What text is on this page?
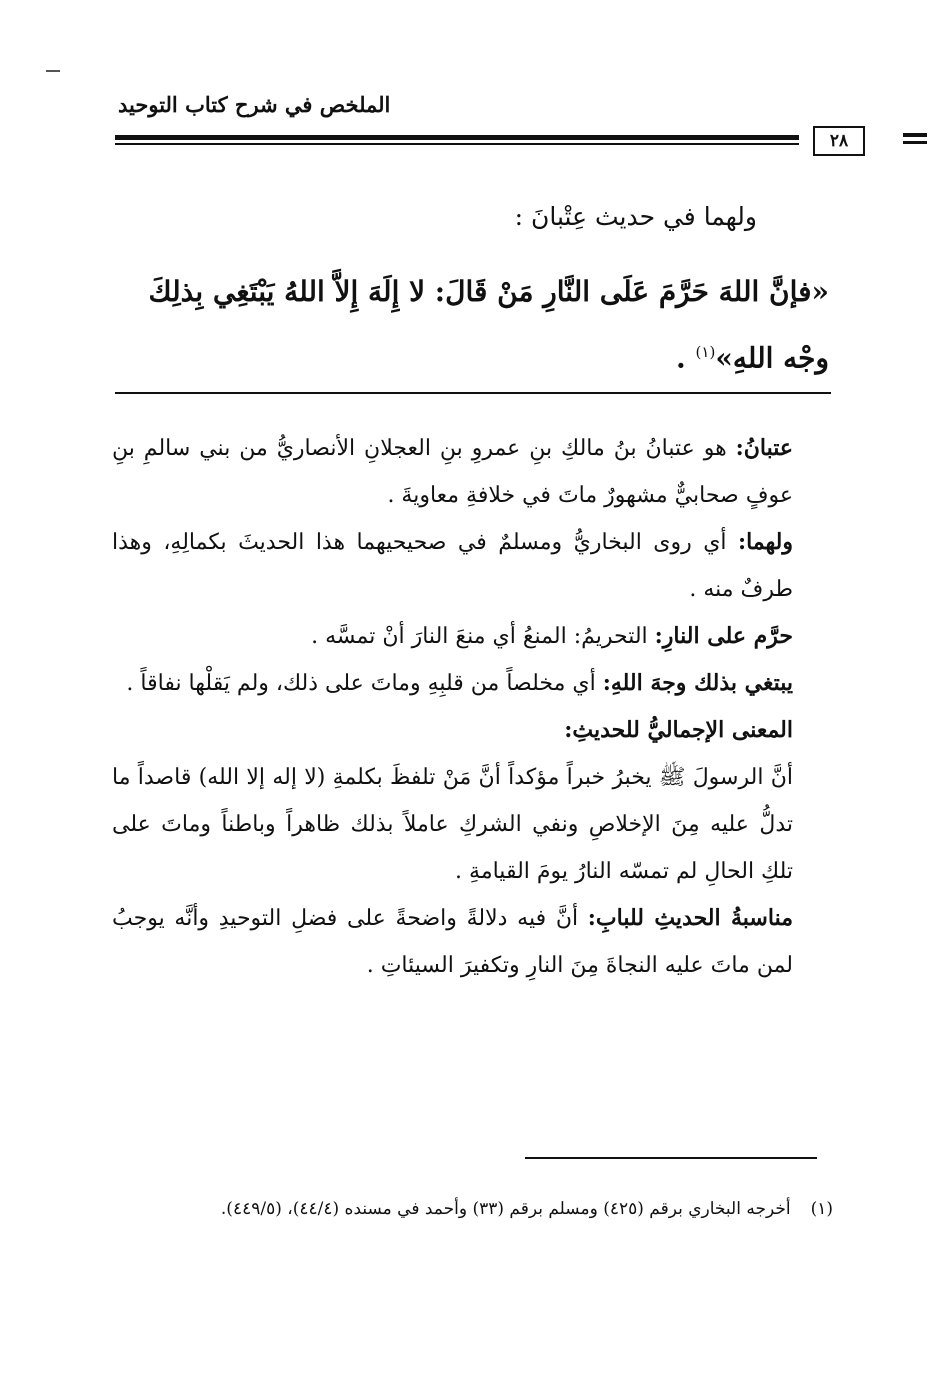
الملخص في شرح كتاب التوحيد
٢٨
ولهما في حديث عِتْبانَ :
«فإنَّ اللهَ حَرَّمَ عَلَى النَّارِ مَنْ قَالَ: لا إِلَهَ إِلاَّ اللهُ يَبْتَغِي بِذلِكَ وجْه اللهِ»$^{(١)}$ .

عتبانُ: هو عتبانُ بنُ مالكِ بنِ عمروِ بنِ العجلانِ الأنصاريُّ من بني سالمِ بنِ عوفٍ صحابيٌّ مشهورٌ ماتَ في خلافةِ معاويةَ .

ولهما: أي روى البخاريُّ ومسلمٌ في صحيحيهما هذا الحديثَ بكمالِهِ، وهذا طرفٌ منه .

حرَّم على النارِ: التحريمُ: المنعُ أي منعَ النارَ أنْ تمسَّه .

يبتغي بذلك وجهَ اللهِ: أي مخلصاً من قلبِهِ وماتَ على ذلك، ولم يَقلْها نفاقاً .

المعنى الإجماليُّ للحديثِ:

أنَّ الرسولَ ﷺ يخبرُ خبراً مؤكداً أنَّ مَنْ تلفظَ بكلمةِ (لا إله إلا الله) قاصداً ما تدلُّ عليه مِنَ الإخلاصِ ونفي الشركِ عاملاً بذلك ظاهراً وباطناً وماتَ على تلكِ الحالِ لم تمسّه النارُ يومَ القيامةِ .

مناسبةُ الحديثِ للبابِ: أنَّ فيه دلالةً واضحةً على فضلِ التوحيدِ وأنَّه يوجبُ لمن ماتَ عليه النجاةَ مِنَ النارِ وتكفيرَ السيئاتِ .

(١)أخرجه البخاري برقم (٤٢٥) ومسلم برقم (٣٣) وأحمد في مسنده (٤٤/٤)، (٤٤٩/٥).
